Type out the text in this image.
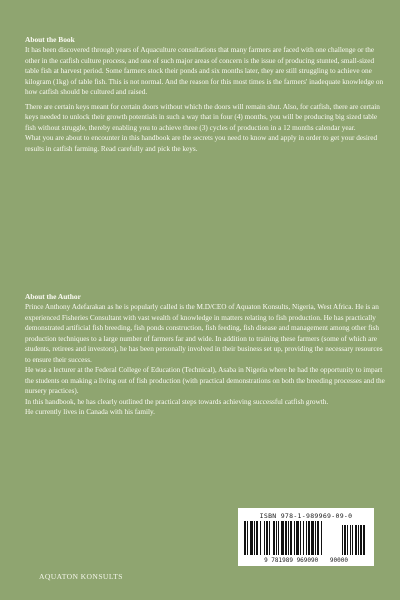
About the Book

It has been discovered through years of Aquaculture consultations that many farmers are faced with one challenge or the other in the catfish culture process, and one of such major areas of concern is the issue of producing stunted, small-sized table fish at harvest period. Some farmers stock their ponds and six months later, they are still struggling to achieve one kilogram (1kg) of table fish. This is not normal. And the reason for this most times is the farmers' inadequate knowledge on how catfish should be cultured and raised.

There are certain keys meant for certain doors without which the doors will remain shut. Also, for catfish, there are certain keys needed to unlock their growth potentials in such a way that in four (4) months, you will be producing big sized table fish without struggle, thereby enabling you to achieve three (3) cycles of production in a 12 months calendar year.

What you are about to encounter in this handbook are the secrets you need to know and apply in order to get your desired results in catfish farming. Read carefully and pick the keys.

About the Author

Prince Anthony Adefarakan as he is popularly called is the M.D/CEO of Aquaton Konsults, Nigeria, West Africa. He is an experienced Fisheries Consultant with vast wealth of knowledge in matters relating to fish production. He has practically demonstrated artificial fish breeding, fish ponds construction, fish feeding, fish disease and management among other fish production techniques to a large number of farmers far and wide. In addition to training these farmers (some of which are students, retirees and investors), he has been personally involved in their business set up, providing the necessary resources to ensure their success.

He was a lecturer at the Federal College of Education (Technical), Asaba in Nigeria where he had the opportunity to impart the students on making a living out of fish production (with practical demonstrations on both the breeding processes and the nursery practices).

In this handbook, he has clearly outlined the practical steps towards achieving successful catfish growth.

He currently lives in Canada with his family.

ISBN 978-1-989969-09-0
9 781989 969090 90000
AQUATON KONSULTS
